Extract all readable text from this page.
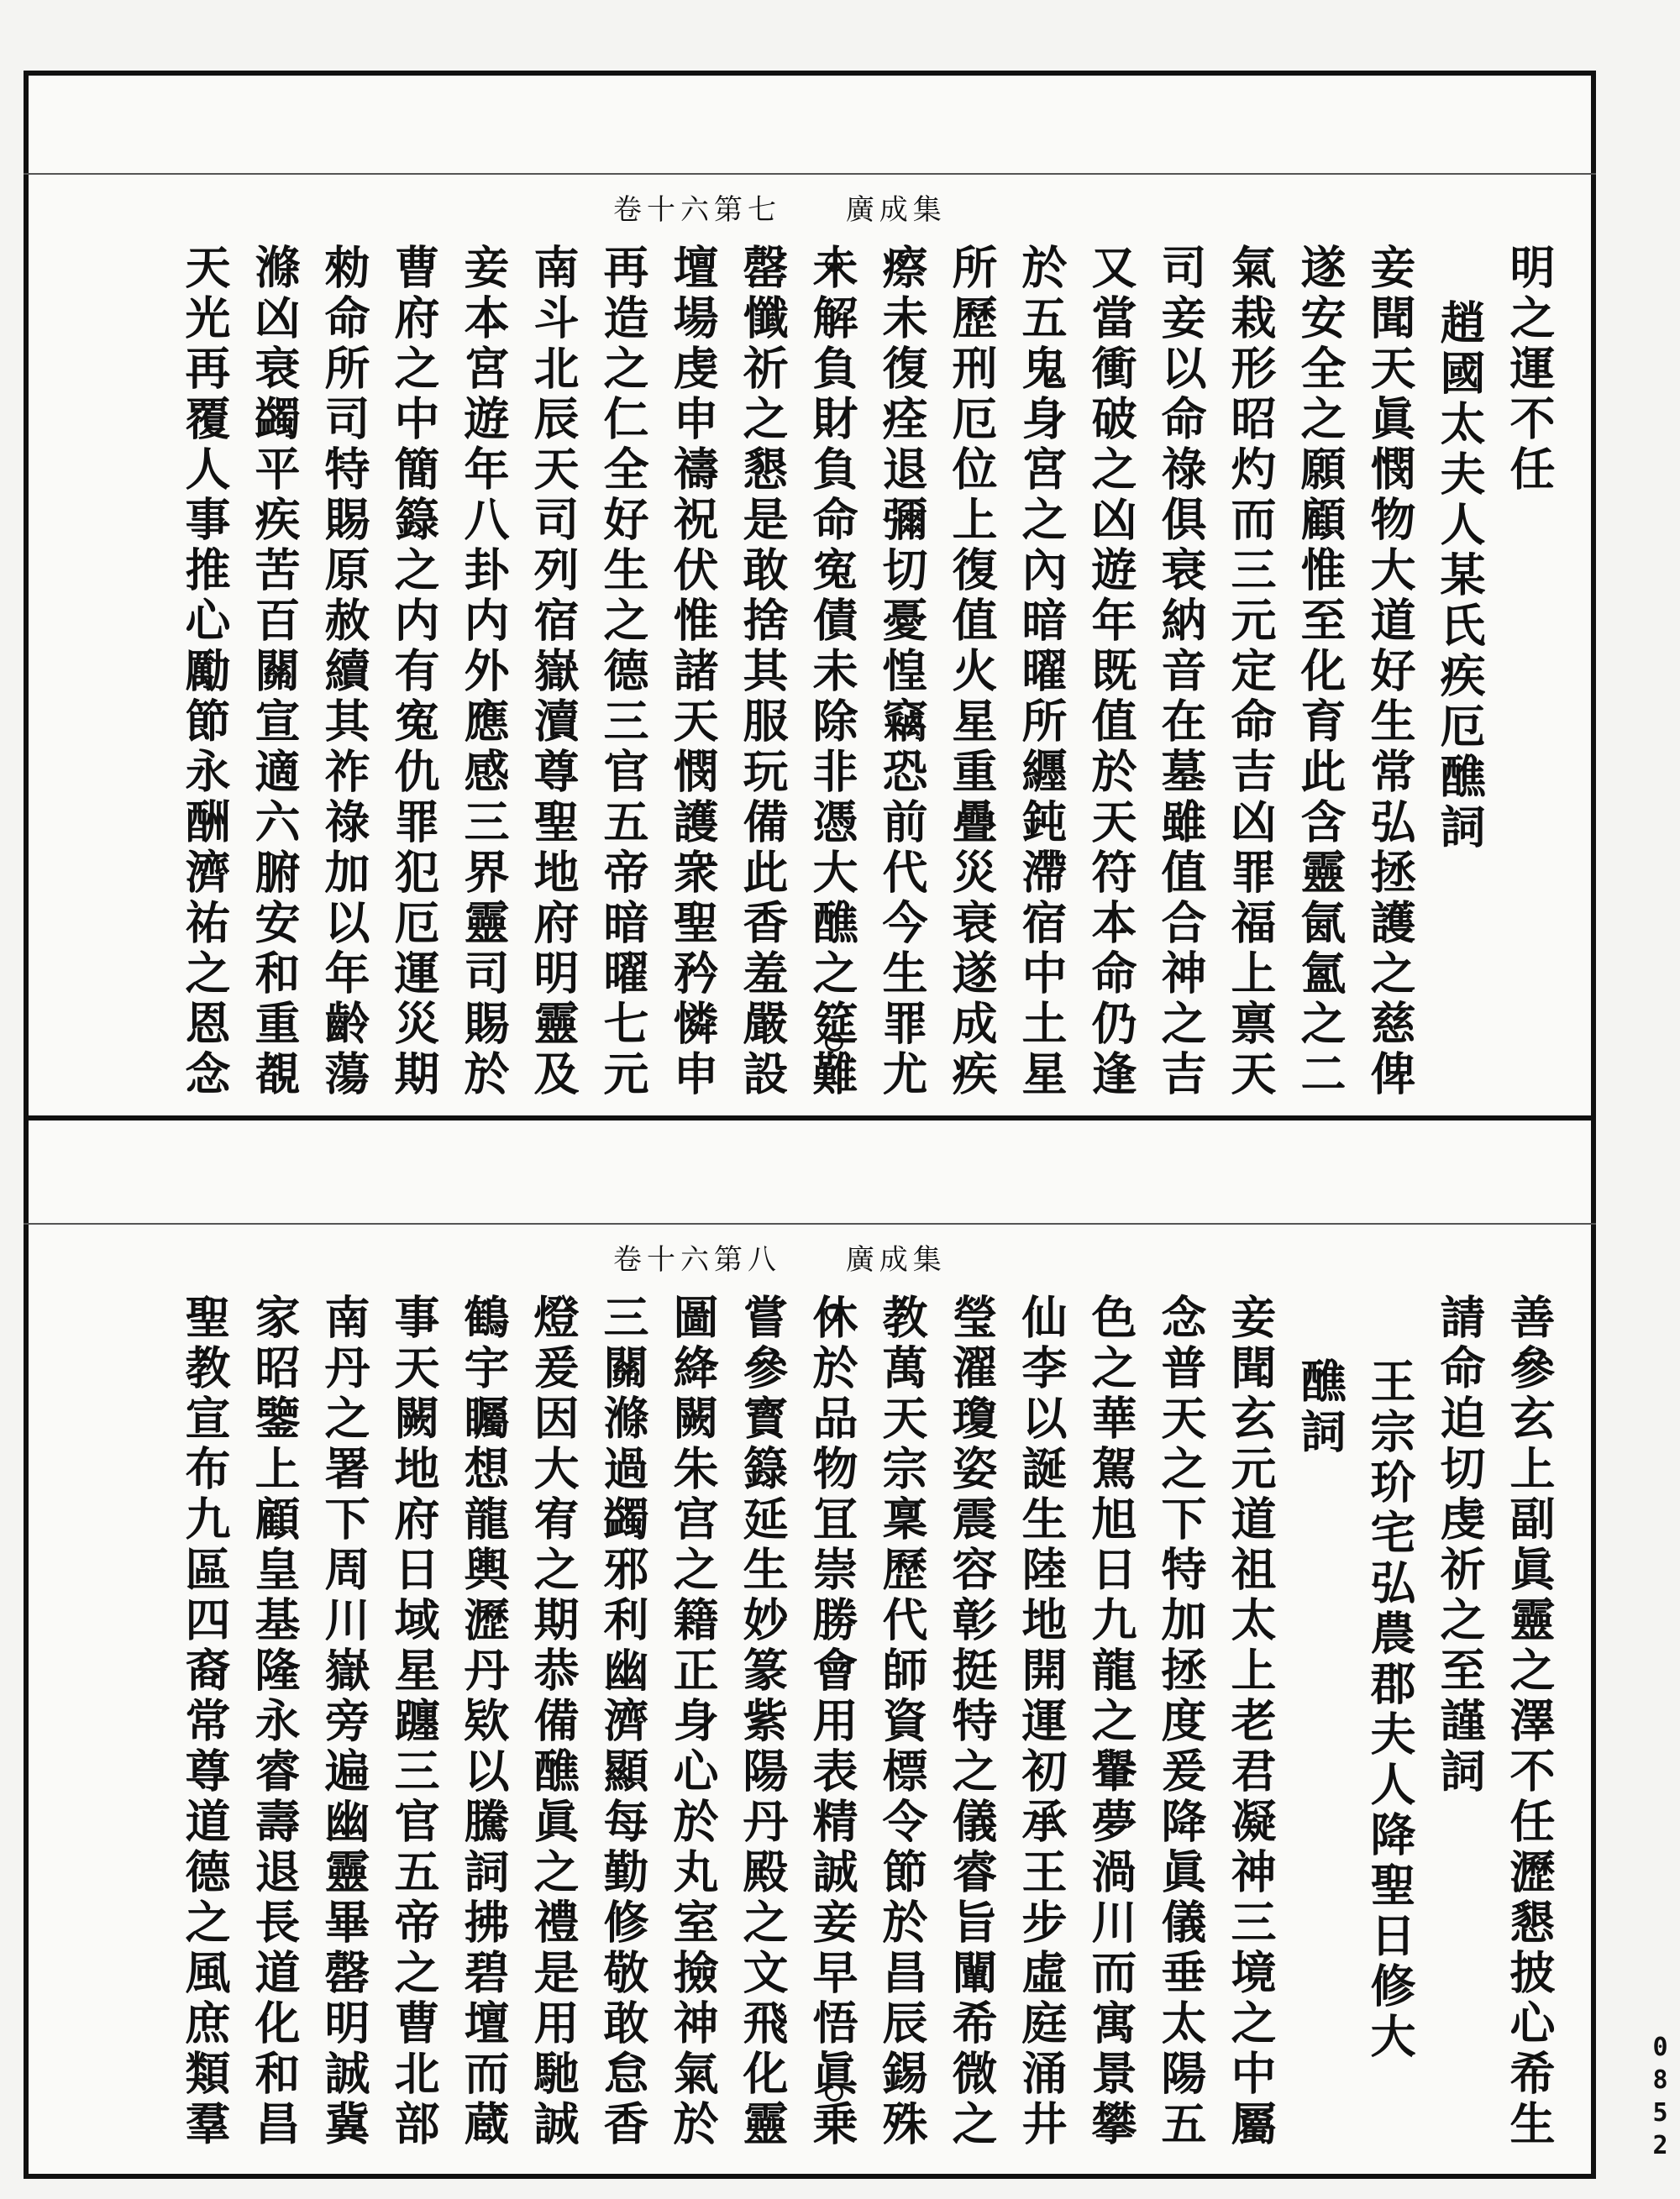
卷十六第七 廣成集
明之運不任
趙國太夫人某氏疾厄醮詞
妾聞天眞憫物大道好生常弘拯護之慈俾
遂安全之願顧惟至化育此含靈氤氳之二
氣栽形昭灼而三元定命吉凶罪福上禀天
司妾以命祿俱衰納音在墓雖值合神之吉
又當衝破之凶遊年既值於天符本命仍逢
於五鬼身宮之內暗曜所纒鈍滯宿中土星
所歷刑厄位上復值火星重疊災衰遂成疾
瘵未復痊退彌切憂惶竊恐前代今生罪尤
未解負財負命寃債未除非憑大醮之筵難
罄懺祈之懇是敢捨其服玩備此香羞嚴設
壇場虔申禱祝伏惟諸天憫護衆聖矜憐申
再造之仁全好生之德三官五帝暗曜七元
南斗北辰天司列宿嶽瀆尊聖地府明靈及
妾本宮遊年八卦内外應感三界靈司賜於
曹府之中簡籙之内有寃仇罪犯厄運災期
勑命所司特賜原赦續其祚祿加以年齡蕩
滌凶衰蠲平疾苦百關宣適六腑安和重覩
天光再覆人事推心勵節永酬濟祐之恩念
卷十六第八 廣成集
善參玄上副眞靈之澤不任瀝懇披心希生
請命迫切虔祈之至謹詞
王宗玠宅弘農郡夫人降聖日修大
醮詞
妾聞玄元道祖太上老君凝神三境之中屬
念普天之下特加拯度爰降眞儀垂太陽五
色之華駕旭日九龍之轝夢渦川而寓景攀
仙李以誕生陸地開運初承王步虛庭涌井
瑩濯瓊姿震容彰挺特之儀睿旨闡希微之
教萬天宗稟歷代師資標令節於昌辰錫殊
休於品物冝崇勝會用表精誠妾早悟眞乗
嘗參寳籙延生妙篆紫陽丹殿之文飛化靈
圖絳闕朱宫之籍正身心於丸室撿神氣於
三關滌過蠲邪利幽濟顯每勤修敬敢怠香
燈爰因大宥之期恭備醮眞之禮是用馳誠
鶴宇矚想龍輿瀝丹欵以騰詞拂碧壇而蔵
事天闕地府日域星躔三官五帝之曹北部
南丹之署下周川嶽旁遍幽靈畢罄明誠冀
家昭鑒上顧皇基隆永睿壽退長道化和昌
聖教宣布九區四裔常尊道德之風庶類羣	0852
